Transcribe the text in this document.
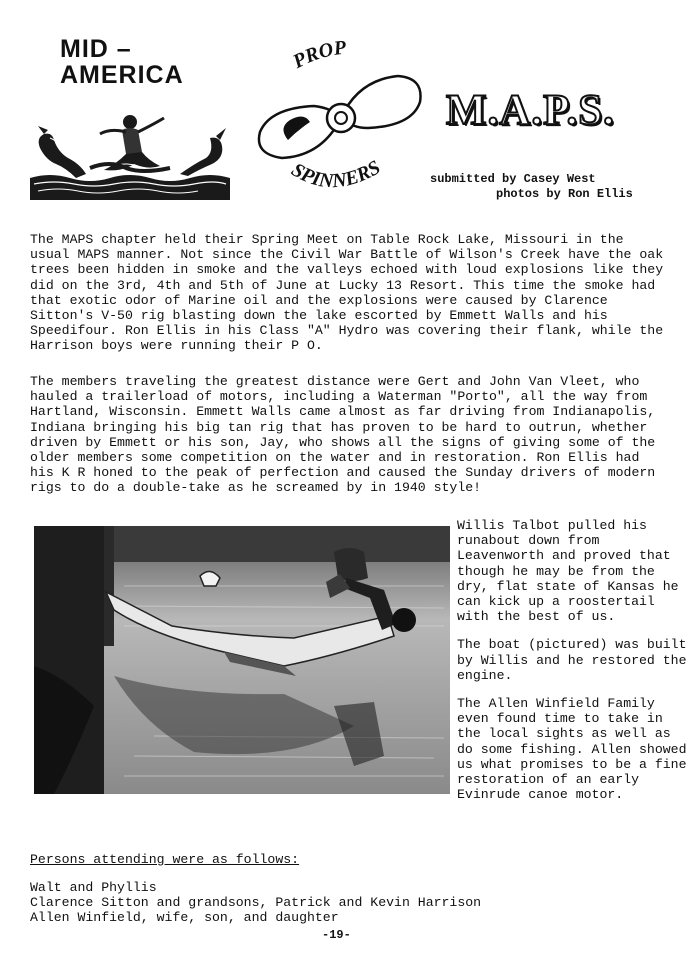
MID –
AMERICA
PROP
SPINNERS
M.A.P.S.
submitted by Casey West
photos by Ron Ellis

The MAPS chapter held their Spring Meet on Table Rock Lake, Missouri in the usual MAPS manner. Not since the Civil War Battle of Wilson's Creek have the oak trees been hidden in smoke and the valleys echoed with loud explosions like they did on the 3rd, 4th and 5th of June at Lucky 13 Resort. This time the smoke had that exotic odor of Marine oil and the explosions were caused by Clarence Sitton's V-50 rig blasting down the lake escorted by Emmett Walls and his Speedifour. Ron Ellis in his Class "A" Hydro was covering their flank, while the Harrison boys were running their P O.

The members traveling the greatest distance were Gert and John Van Vleet, who hauled a trailerload of motors, including a Waterman "Porto", all the way from Hartland, Wisconsin. Emmett Walls came almost as far driving from Indianapolis, Indiana bringing his big tan rig that has proven to be hard to outrun, whether driven by Emmett or his son, Jay, who shows all the signs of giving some of the older members some competition on the water and in restoration. Ron Ellis had his K R honed to the peak of perfection and caused the Sunday drivers of modern rigs to do a double-take as he screamed by in 1940 style!

Willis Talbot pulled his runabout down from Leavenworth and proved that though he may be from the dry, flat state of Kansas he can kick up a roostertail with the best of us.

The boat (pictured) was built by Willis and he restored the engine.

The Allen Winfield Family even found time to take in the local sights as well as do some fishing. Allen showed us what promises to be a fine restoration of an early Evinrude canoe motor.

Persons attending were as follows:
Walt and Phyllis
Clarence Sitton and grandsons, Patrick and Kevin Harrison
Allen Winfield, wife, son, and daughter
-19-
